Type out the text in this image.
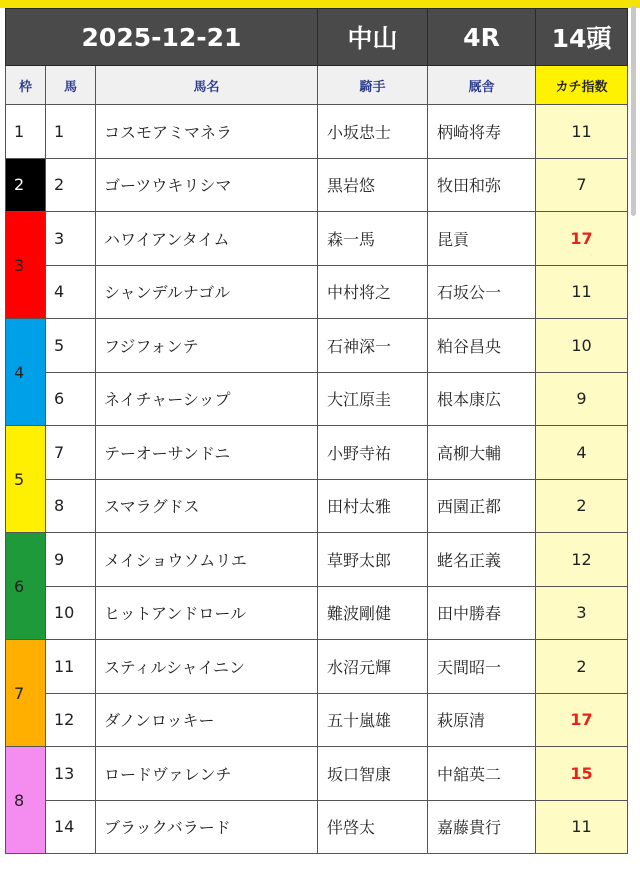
2025-12-21			中山	4R	14頭
枠	馬	馬名	騎手	厩舎	カチ指数
1	1	コスモアミマネラ	小坂忠士	柄崎将寿	11
2	2	ゴーツウキリシマ	黒岩悠	牧田和弥	7
3	3	ハワイアンタイム	森一馬	昆貢	17
	4	シャンデルナゴル	中村将之	石坂公一	11
4	5	フジフォンテ	石神深一	粕谷昌央	10
	6	ネイチャーシップ	大江原圭	根本康広	9
5	7	テーオーサンドニ	小野寺祐	高柳大輔	4
	8	スマラグドス	田村太雅	西園正都	2
6	9	メイショウソムリエ	草野太郎	蛯名正義	12
	10	ヒットアンドロール	難波剛健	田中勝春	3
7	11	スティルシャイニン	水沼元輝	天間昭一	2
	12	ダノンロッキー	五十嵐雄	萩原清	17
8	13	ロードヴァレンチ	坂口智康	中舘英二	15
	14	ブラックバラード	伴啓太	嘉藤貴行	11
